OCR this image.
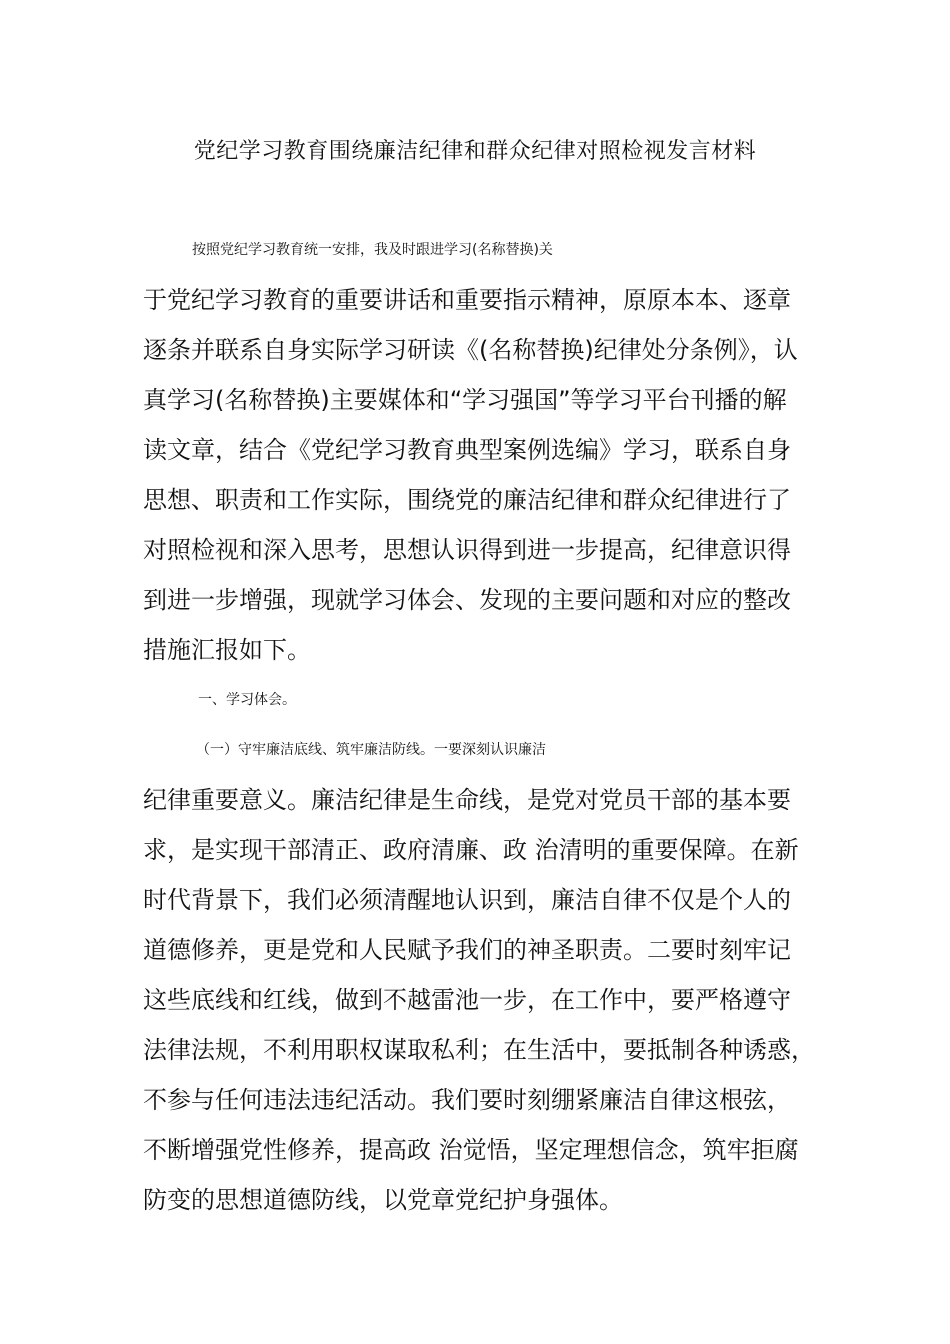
党纪学习教育围绕廉洁纪律和群众纪律对照检视发言材料

按照党纪学习教育统一安排，我及时跟进学习(名称替换)关

于党纪学习教育的重要讲话和重要指示精神，原原本本、逐章

逐条并联系自身实际学习研读《(名称替换)纪律处分条例》，认

真学习(名称替换)主要媒体和“学习强国”等学习平台刊播的解

读文章，结合《党纪学习教育典型案例选编》学习，联系自身

思想、职责和工作实际，围绕党的廉洁纪律和群众纪律进行了

对照检视和深入思考，思想认识得到进一步提高，纪律意识得

到进一步增强，现就学习体会、发现的主要问题和对应的整改

措施汇报如下。

一、学习体会。

（一）守牢廉洁底线、筑牢廉洁防线。一要深刻认识廉洁

纪律重要意义。廉洁纪律是生命线，是党对党员干部的基本要

求，是实现干部清正、政府清廉、政 治清明的重要保障。在新

时代背景下，我们必须清醒地认识到，廉洁自律不仅是个人的

道德修养，更是党和人民赋予我们的神圣职责。二要时刻牢记

这些底线和红线，做到不越雷池一步，在工作中，要严格遵守

法律法规，不利用职权谋取私利；在生活中，要抵制各种诱惑，

不参与任何违法违纪活动。我们要时刻绷紧廉洁自律这根弦，

不断增强党性修养，提高政 治觉悟，坚定理想信念，筑牢拒腐

防变的思想道德防线，以党章党纪护身强体。
